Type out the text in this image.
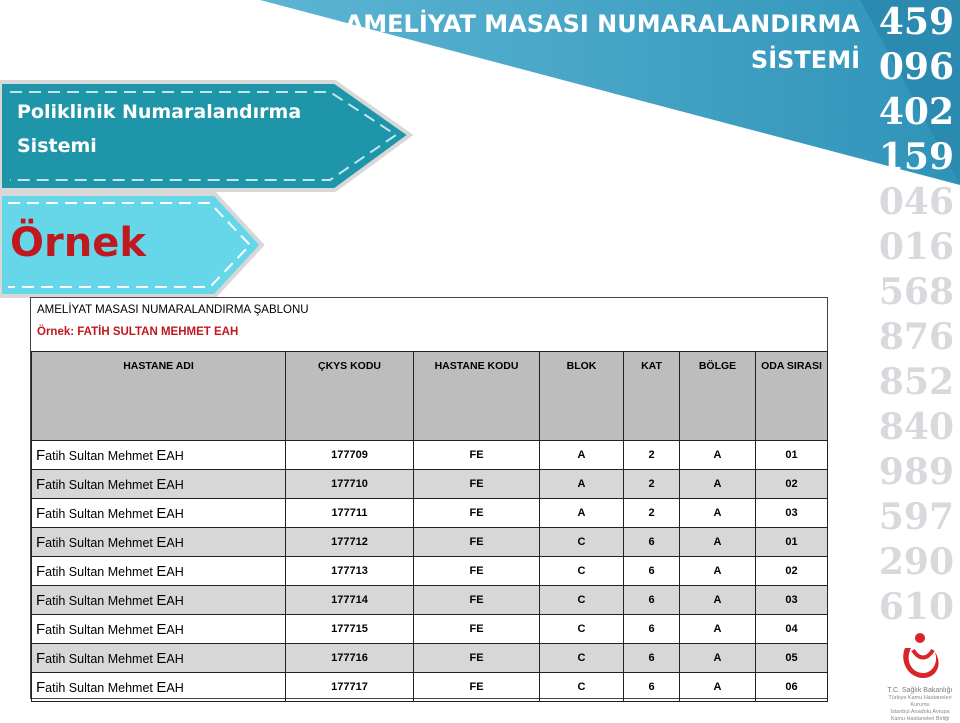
AMELİYAT MASASI NUMARALANDIRMA
SİSTEMİ
Poliklinik Numaralandırma
Sistemi
Örnek
459
096
402
159
046
016
568
876
852
840
989
597
290
610
AMELİYAT MASASI NUMARALANDIRMA ŞABLONU
Örnek: FATİH SULTAN MEHMET EAH
HASTANE ADI	ÇKYS KODU	HASTANE KODU	BLOK	KAT	BÖLGE	ODA SIRASI
Fatih Sultan Mehmet EAH	177709	FE	A	2	A	01
Fatih Sultan Mehmet EAH	177710	FE	A	2	A	02
Fatih Sultan Mehmet EAH	177711	FE	A	2	A	03
Fatih Sultan Mehmet EAH	177712	FE	C	6	A	01
Fatih Sultan Mehmet EAH	177713	FE	C	6	A	02
Fatih Sultan Mehmet EAH	177714	FE	C	6	A	03
Fatih Sultan Mehmet EAH	177715	FE	C	6	A	04
Fatih Sultan Mehmet EAH	177716	FE	C	6	A	05
Fatih Sultan Mehmet EAH	177717	FE	C	6	A	06	T.C. Sağlık Bakanlığı
Türkiye Kamu Hastaneleri Kurumu
İstanbul Anadolu Avrupa
Kamu Hastaneleri Birliği
